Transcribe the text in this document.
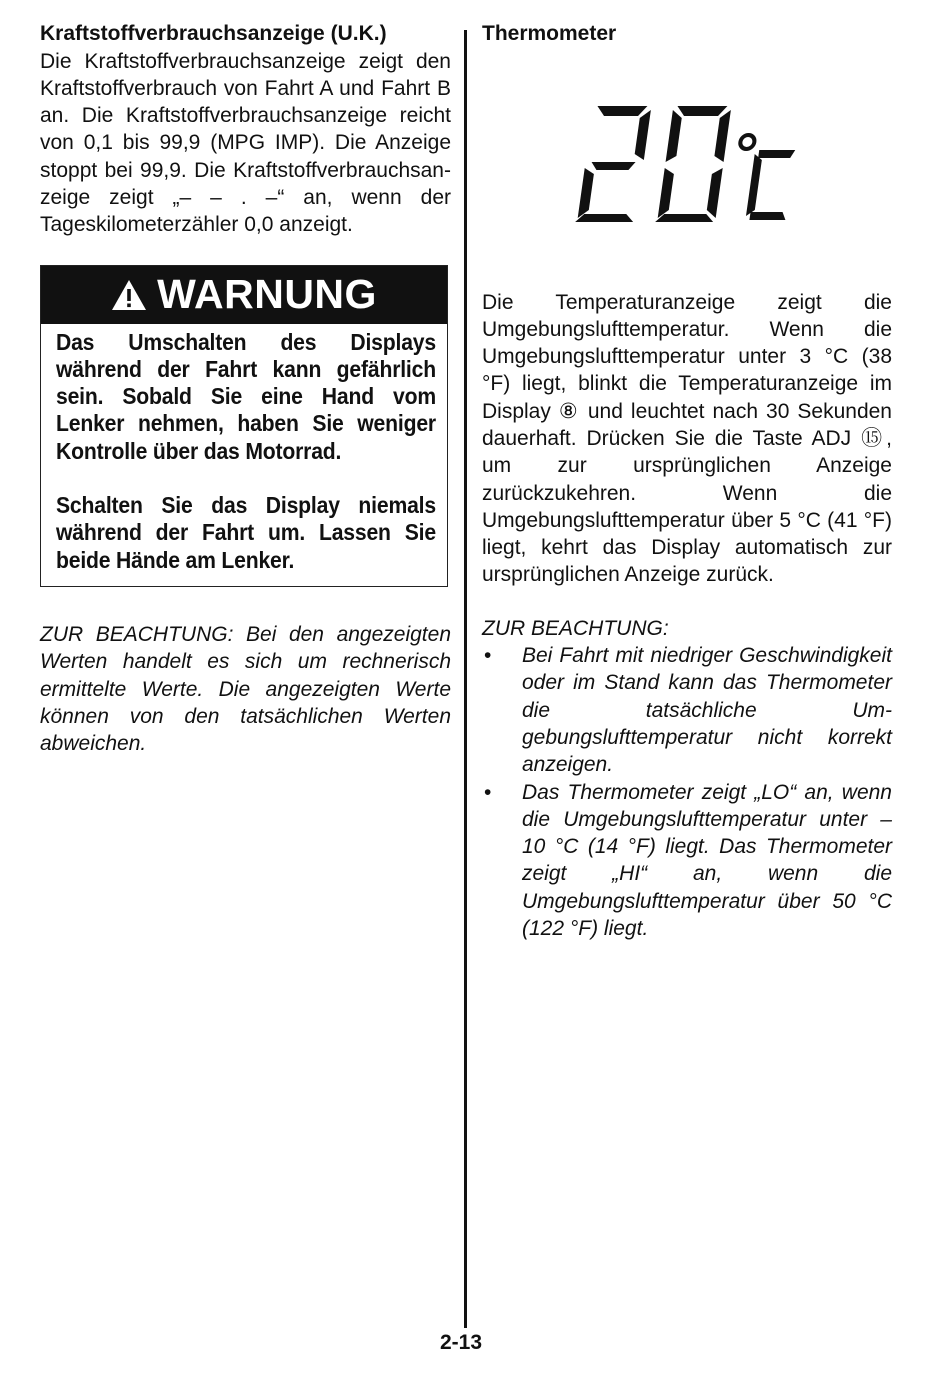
Kraftstoffverbrauchsanzeige (U.K.)

Die Kraftstoffverbrauchsanzeige zeigt den Kraftstoffverbrauch von Fahrt A und Fahrt B an. Die Kraftstoffverbrauchsanzeige reicht von 0,1 bis 99,9 (MPG IMP). Die Anzeige stoppt bei 99,9. Die Kraftstoffverbrauchsanzeige zeigt „– – . –“ an, wenn der Tageskilometerzähler 0,0 anzeigt.

WARNUNG

Das Umschalten des Displays während der Fahrt kann gefährlich sein. Sobald Sie eine Hand vom Lenker nehmen, haben Sie weniger Kontrolle über das Motorrad.

Schalten Sie das Display niemals während der Fahrt um. Lassen Sie beide Hände am Lenker.

ZUR BEACHTUNG: Bei den angezeigten Werten handelt es sich um rechnerisch ermittelte Werte. Die angezeigten Werte können von den tatsächlichen Werten abweichen.

Thermometer

Die Temperaturanzeige zeigt die Umgebungslufttemperatur. Wenn die Umgebungslufttemperatur unter 3 °C (38 °F) liegt, blinkt die Temperaturanzeige im Display ⑧ und leuchtet nach 30 Sekunden dauerhaft. Drücken Sie die Taste ADJ ⑮, um zur ursprünglichen Anzeige zurückzukehren. Wenn die Umgebungslufttemperatur über 5 °C (41 °F) liegt, kehrt das Display automatisch zur ursprünglichen Anzeige zurück.

ZUR BEACHTUNG:

• Bei Fahrt mit niedriger Geschwindigkeit oder im Stand kann das Thermometer die tatsächliche Umgebungslufttemperatur nicht korrekt anzeigen.
• Das Thermometer zeigt „LO“ an, wenn die Umgebungslufttemperatur unter –10 °C (14 °F) liegt. Das Thermometer zeigt „HI“ an, wenn die Umgebungslufttemperatur über 50 °C (122 °F) liegt.
2-13
